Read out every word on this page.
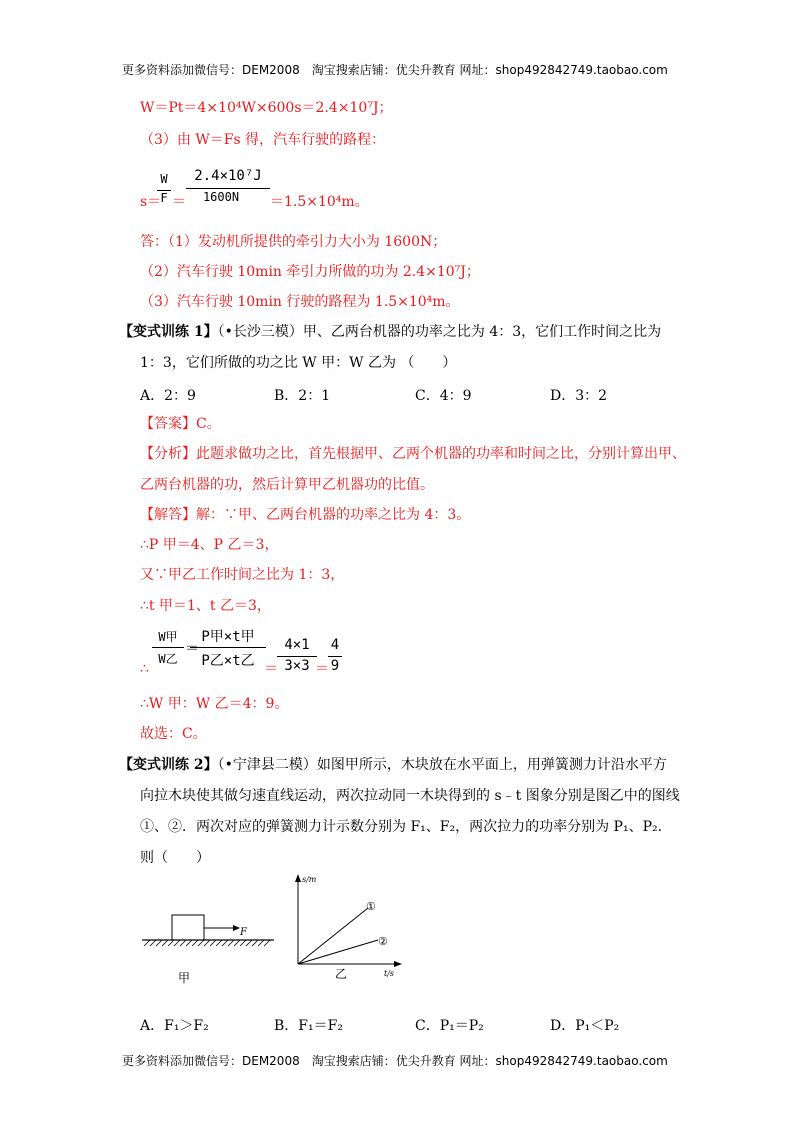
更多资料添加微信号：DEM2008　淘宝搜索店铺：优尖升教育 网址：shop492842749.taobao.com
W＝Pt＝4×10⁴W×600s＝2.4×10⁷J；
（3）由 W＝Fs 得，汽车行驶的路程：
s＝
W
F ＝
2.4×10⁷J
1600N	＝1.5×10⁴m。
答：（1）发动机所提供的牵引力大小为 1600N；
（2）汽车行驶 10min 牵引力所做的功为 2.4×10⁷J；
（3）汽车行驶 10min 行驶的路程为 1.5×10⁴m。
【变式训练 1】（•长沙三模）甲、乙两台机器的功率之比为 4：3，它们工作时间之比为
1：3，它们所做的功之比 W 甲：W 乙为 （　　）
A．2：9	B．2：1	C．4：9	D．3：2
【答案】C。
【分析】此题求做功之比，首先根据甲、乙两个机器的功率和时间之比，分别计算出甲、
乙两台机器的功，然后计算甲乙机器功的比值。
【解答】解：∵甲、乙两台机器的功率之比为 4：3。
∴P 甲＝4、P 乙＝3，
又∵甲乙工作时间之比为 1：3，
∴t 甲＝1、t 乙＝3，
∴
W甲
W乙
＝
P甲×t甲
P乙×t乙 ＝
4×1
3×3 ＝
4
9
∴W 甲：W 乙＝4：9。
故选：C。
【变式训练 2】（•宁津县二模）如图甲所示，木块放在水平面上，用弹簧测力计沿水平方
向拉木块使其做匀速直线运动，两次拉动同一木块得到的 s﹣t 图象分别是图乙中的图线
①、②．两次对应的弹簧测力计示数分别为 F₁、F₂，两次拉力的功率分别为 P₁、P₂．
则（　　）
F
甲
s/m
t/s
①
②
乙
A．F₁＞F₂	B．F₁＝F₂	C．P₁＝P₂	D．P₁＜P₂
更多资料添加微信号：DEM2008　淘宝搜索店铺：优尖升教育 网址：shop492842749.taobao.com
